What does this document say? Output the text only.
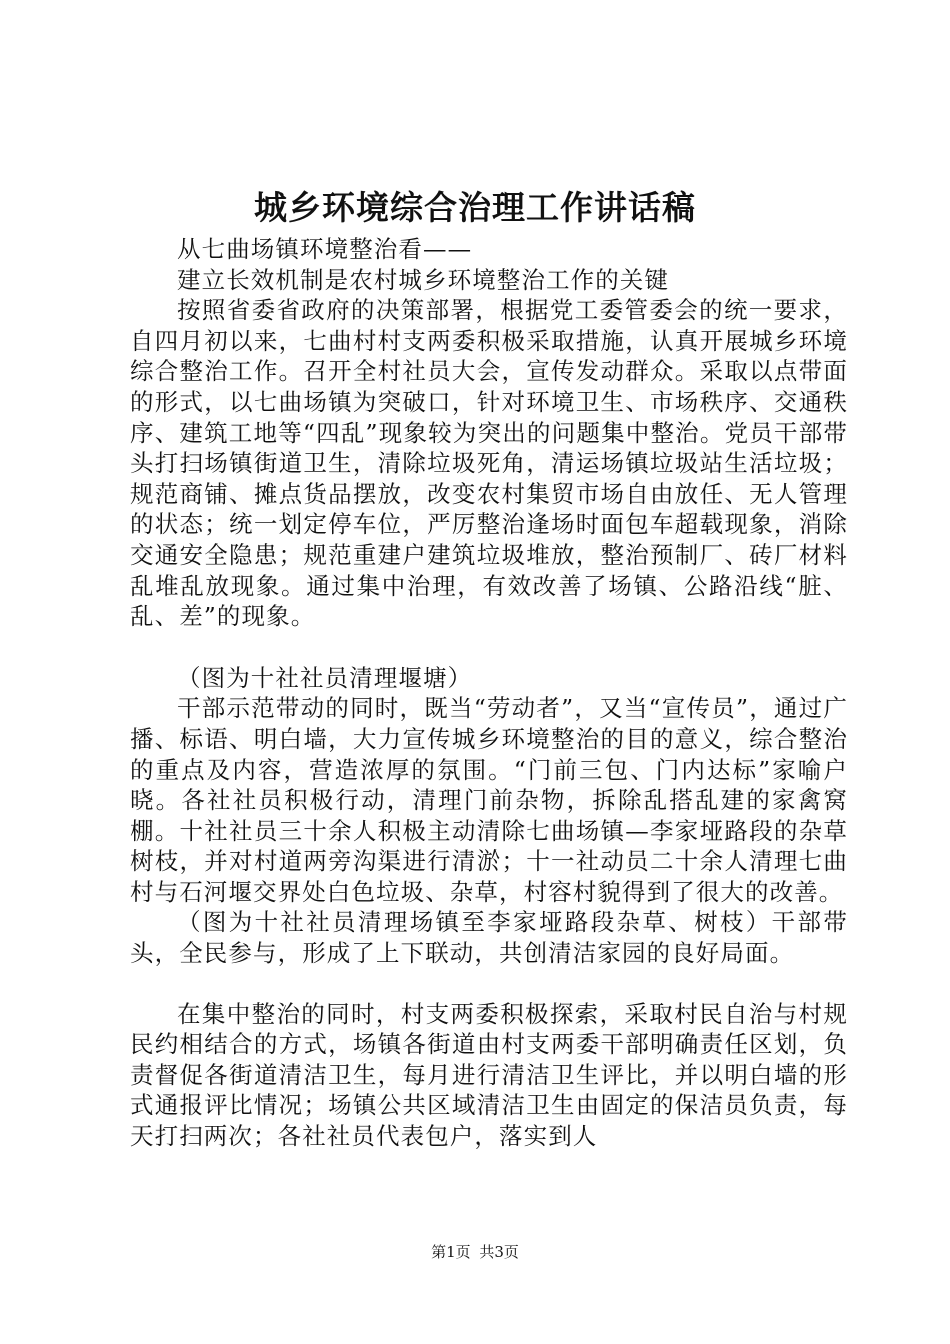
城乡环境综合治理工作讲话稿

从七曲场镇环境整治看——

建立长效机制是农村城乡环境整治工作的关键

按照省委省政府的决策部署，根据党工委管委会的统一要求，自四月初以来，七曲村村支两委积极采取措施，认真开展城乡环境综合整治工作。召开全村社员大会，宣传发动群众。采取以点带面的形式，以七曲场镇为突破口，针对环境卫生、市场秩序、交通秩序、建筑工地等“四乱”现象较为突出的问题集中整治。党员干部带头打扫场镇街道卫生，清除垃圾死角，清运场镇垃圾站生活垃圾；规范商铺、摊点货品摆放，改变农村集贸市场自由放任、无人管理的状态；统一划定停车位，严厉整治逢场时面包车超载现象，消除交通安全隐患；规范重建户建筑垃圾堆放，整治预制厂、砖厂材料乱堆乱放现象。通过集中治理，有效改善了场镇、公路沿线“脏、乱、差”的现象。

（图为十社社员清理堰塘）

干部示范带动的同时，既当“劳动者”，又当“宣传员”，通过广播、标语、明白墙，大力宣传城乡环境整治的目的意义，综合整治的重点及内容，营造浓厚的氛围。“门前三包、门内达标”家喻户晓。各社社员积极行动，清理门前杂物，拆除乱搭乱建的家禽窝棚。十社社员三十余人积极主动清除七曲场镇—李家垭路段的杂草树枝，并对村道两旁沟渠进行清淤；十一社动员二十余人清理七曲村与石河堰交界处白色垃圾、杂草，村容村貌得到了很大的改善。

（图为十社社员清理场镇至李家垭路段杂草、树枝）干部带头，全民参与，形成了上下联动，共创清洁家园的良好局面。

在集中整治的同时，村支两委积极探索，采取村民自治与村规民约相结合的方式，场镇各街道由村支两委干部明确责任区划，负责督促各街道清洁卫生，每月进行清洁卫生评比，并以明白墙的形式通报评比情况；场镇公共区域清洁卫生由固定的保洁员负责，每天打扫两次；各社社员代表包户，落实到人

第1页 共3页
